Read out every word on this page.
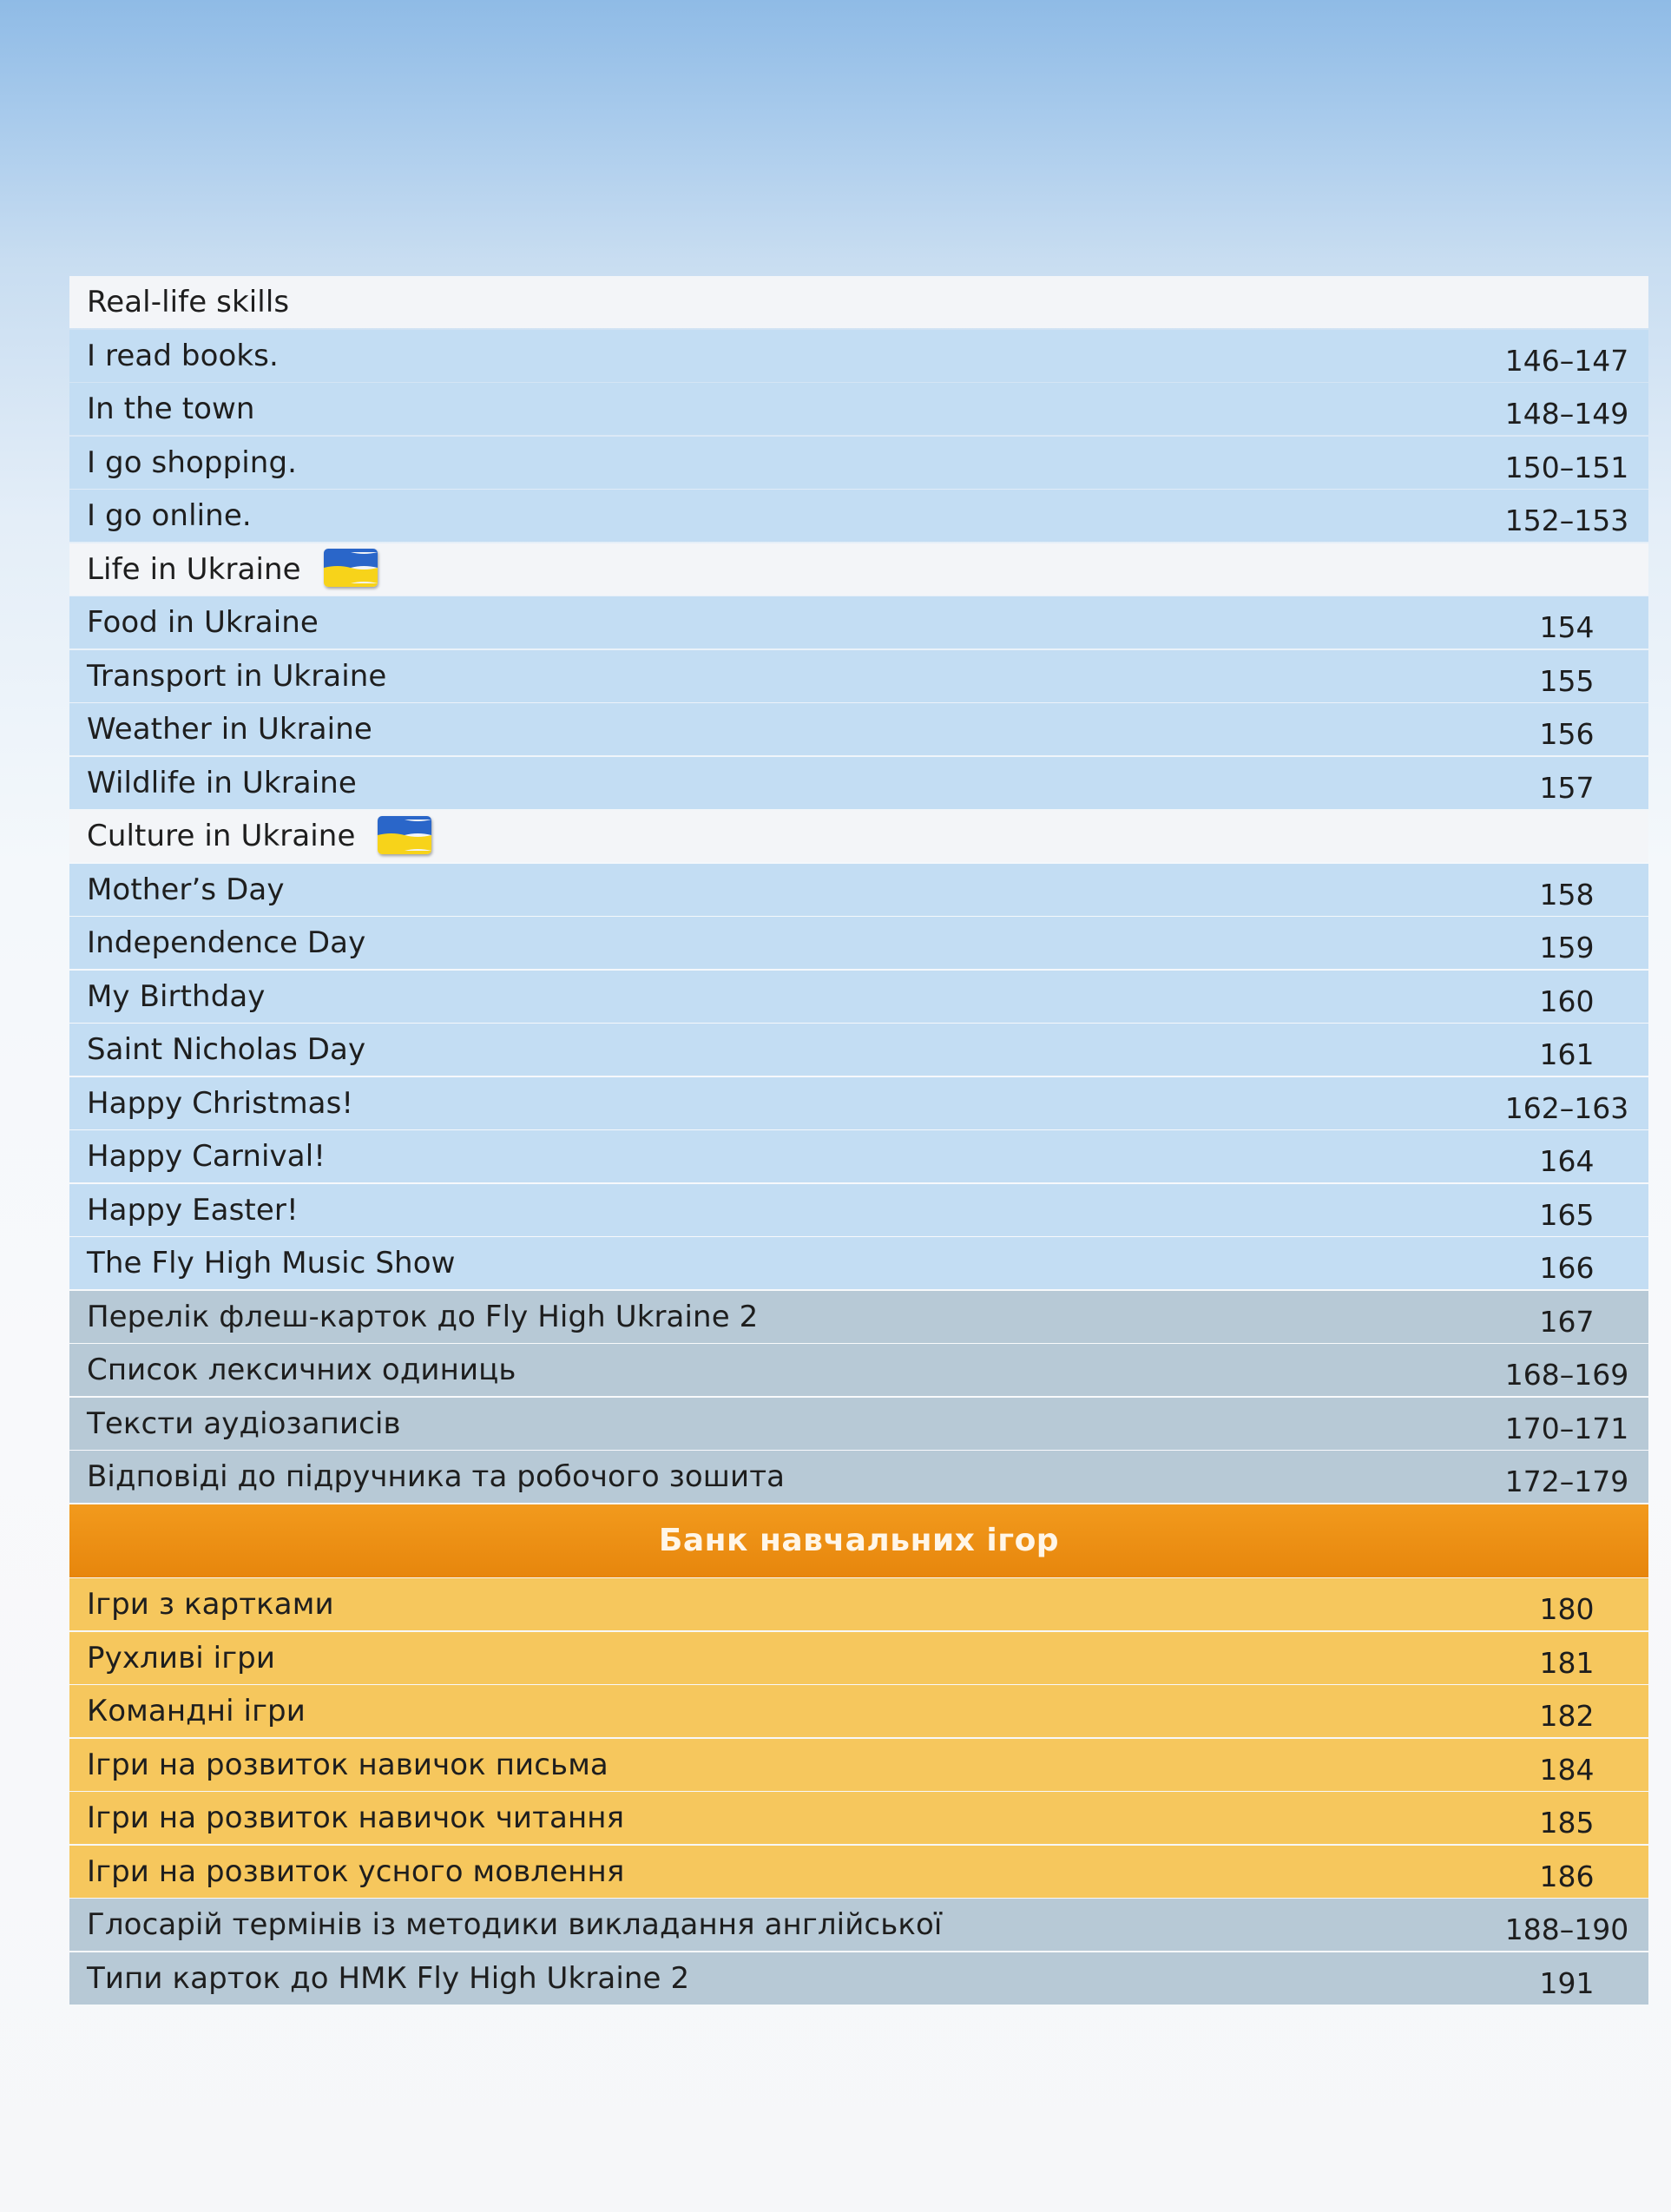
Real-life skills
I read books.	146–147
In the town	148–149
I go shopping.	150–151
I go online.	152–153
Life in Ukraine
Food in Ukraine	154
Transport in Ukraine	155
Weather in Ukraine	156
Wildlife in Ukraine	157
Culture in Ukraine
Mother’s Day	158
Independence Day	159
My Birthday	160
Saint Nicholas Day	161
Happy Christmas!	162–163
Happy Carnival!	164
Happy Easter!	165
The Fly High Music Show	166
Перелік флеш-карток до Fly High Ukraine 2	167
Список лексичних одиниць	168–169
Тексти аудіозаписів	170–171
Відповіді до підручника та робочого зошита	172–179
Банк навчальних ігор
Ігри з картками	180
Рухливі ігри	181
Командні ігри	182
Ігри на розвиток навичок письма	184
Ігри на розвиток навичок читання	185
Ігри на розвиток усного мовлення	186
Глосарій термінів із методики викладання англійської	188–190
Типи карток до НМК Fly High Ukraine 2	191
